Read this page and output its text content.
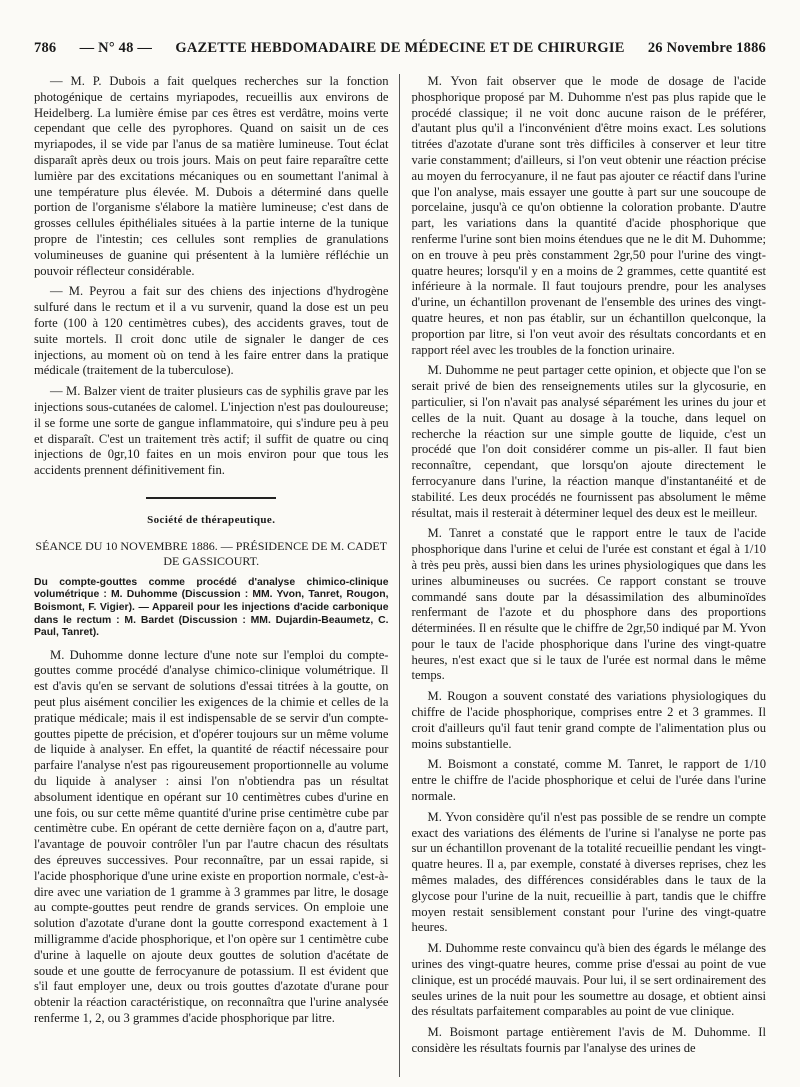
786 — N° 48 — GAZETTE HEBDOMADAIRE DE MÉDECINE ET DE CHIRURGIE 26 Novembre 1886

— M. P. Dubois a fait quelques recherches sur la fonction photogénique de certains myriapodes, recueillis aux environs de Heidelberg. La lumière émise par ces êtres est verdâtre, moins verte cependant que celle des pyrophores. Quand on saisit un de ces myriapodes, il se vide par l'anus de sa matière lumineuse. Tout éclat disparaît après deux ou trois jours. Mais on peut faire reparaître cette lumière par des excitations mécaniques ou en soumettant l'animal à une température plus élevée. M. Dubois a déterminé dans quelle portion de l'organisme s'élabore la matière lumineuse; c'est dans de grosses cellules épithéliales situées à la partie interne de la tunique propre de l'intestin; ces cellules sont remplies de granulations volumineuses de guanine qui présentent à la lumière réfléchie un pouvoir réflecteur considérable.

— M. Peyrou a fait sur des chiens des injections d'hydrogène sulfuré dans le rectum et il a vu survenir, quand la dose est un peu forte (100 à 120 centimètres cubes), des accidents graves, tout de suite mortels. Il croit donc utile de signaler le danger de ces injections, au moment où on tend à les faire entrer dans la pratique médicale (traitement de la tuberculose).

— M. Balzer vient de traiter plusieurs cas de syphilis grave par les injections sous-cutanées de calomel. L'injection n'est pas douloureuse; il se forme une sorte de gangue inflammatoire, qui s'indure peu à peu et disparaît. C'est un traitement très actif; il suffit de quatre ou cinq injections de 0gr,10 faites en un mois environ pour que tous les accidents prennent définitivement fin.

Société de thérapeutique.
SÉANCE DU 10 NOVEMBRE 1886. — PRÉSIDENCE DE M. CADET DE GASSICOURT.

Du compte-gouttes comme procédé d'analyse chimico-clinique volumétrique : M. Duhomme (Discussion : MM. Yvon, Tanret, Rougon, Boismont, F. Vigier). — Appareil pour les injections d'acide carbonique dans le rectum : M. Bardet (Discussion : MM. Dujardin-Beaumetz, C. Paul, Tanret).

M. Duhomme donne lecture d'une note sur l'emploi du compte-gouttes comme procédé d'analyse chimico-clinique volumétrique. Il est d'avis qu'en se servant de solutions d'essai titrées à la goutte, on peut plus aisément concilier les exigences de la chimie et celles de la pratique médicale; mais il est indispensable de se servir d'un compte-gouttes pipette de précision, et d'opérer toujours sur un même volume de liquide à analyser. En effet, la quantité de réactif nécessaire pour parfaire l'analyse n'est pas rigoureusement proportionnelle au volume du liquide à analyser : ainsi l'on n'obtiendra pas un résultat absolument identique en opérant sur 10 centimètres cubes d'urine en une fois, ou sur cette même quantité d'urine prise centimètre cube par centimètre cube. En opérant de cette dernière façon on a, d'autre part, l'avantage de pouvoir contrôler l'un par l'autre chacun des résultats des épreuves successives. Pour reconnaître, par un essai rapide, si l'acide phosphorique d'une urine existe en proportion normale, c'est-à-dire avec une variation de 1 gramme à 3 grammes par litre, le dosage au compte-gouttes peut rendre de grands services. On emploie une solution d'azotate d'urane dont la goutte correspond exactement à 1 milligramme d'acide phosphorique, et l'on opère sur 1 centimètre cube d'urine à laquelle on ajoute deux gouttes de solution d'acétate de soude et une goutte de ferrocyanure de potassium. Il est évident que s'il faut employer une, deux ou trois gouttes d'azotate d'urane pour obtenir la réaction caractéristique, on reconnaîtra que l'urine analysée renferme 1, 2, ou 3 grammes d'acide phosphorique par litre.

M. Yvon fait observer que le mode de dosage de l'acide phosphorique proposé par M. Duhomme n'est pas plus rapide que le procédé classique; il ne voit donc aucune raison de le préférer, d'autant plus qu'il a l'inconvénient d'être moins exact. Les solutions titrées d'azotate d'urane sont très difficiles à conserver et leur titre varie constamment; d'ailleurs, si l'on veut obtenir une réaction précise au moyen du ferrocyanure, il ne faut pas ajouter ce réactif dans l'urine que l'on analyse, mais essayer une goutte à part sur une soucoupe de porcelaine, jusqu'à ce qu'on obtienne la coloration probante. D'autre part, les variations dans la quantité d'acide phosphorique que renferme l'urine sont bien moins étendues que ne le dit M. Duhomme; on en trouve à peu près constamment 2gr,50 pour l'urine des vingt-quatre heures; lorsqu'il y en a moins de 2 grammes, cette quantité est inférieure à la normale. Il faut toujours prendre, pour les analyses d'urine, un échantillon provenant de l'ensemble des urines des vingt-quatre heures, et non pas établir, sur un échantillon quelconque, la proportion par litre, si l'on veut avoir des résultats concordants et en rapport réel avec les troubles de la fonction urinaire.

M. Duhomme ne peut partager cette opinion, et objecte que l'on se serait privé de bien des renseignements utiles sur la glycosurie, en particulier, si l'on n'avait pas analysé séparément les urines du jour et celles de la nuit. Quant au dosage à la touche, dans lequel on recherche la réaction sur une simple goutte de liquide, c'est un procédé que l'on doit considérer comme un pis-aller. Il faut bien reconnaître, cependant, que lorsqu'on ajoute directement le ferrocyanure dans l'urine, la réaction manque d'instantanéité et de stabilité. Les deux procédés ne fournissent pas absolument le même résultat, mais il resterait à déterminer lequel des deux est le meilleur.

M. Tanret a constaté que le rapport entre le taux de l'acide phosphorique dans l'urine et celui de l'urée est constant et égal à 1/10 à très peu près, aussi bien dans les urines physiologiques que dans les urines albumineuses ou sucrées. Ce rapport constant se trouve commandé sans doute par la désassimilation des albuminoïdes renfermant de l'azote et du phosphore dans des proportions déterminées. Il en résulte que le chiffre de 2gr,50 indiqué par M. Yvon pour le taux de l'acide phosphorique dans l'urine des vingt-quatre heures, n'est exact que si le taux de l'urée est normal dans le même temps.

M. Rougon a souvent constaté des variations physiologiques du chiffre de l'acide phosphorique, comprises entre 2 et 3 grammes. Il croit d'ailleurs qu'il faut tenir grand compte de l'alimentation plus ou moins substantielle.

M. Boismont a constaté, comme M. Tanret, le rapport de 1/10 entre le chiffre de l'acide phosphorique et celui de l'urée dans l'urine normale.

M. Yvon considère qu'il n'est pas possible de se rendre un compte exact des variations des éléments de l'urine si l'analyse ne porte pas sur un échantillon provenant de la totalité recueillie pendant les vingt-quatre heures. Il a, par exemple, constaté à diverses reprises, chez les mêmes malades, des différences considérables dans le taux de la glycose pour l'urine de la nuit, recueillie à part, tandis que le chiffre moyen restait sensiblement constant pour l'urine des vingt-quatre heures.

M. Duhomme reste convaincu qu'à bien des égards le mélange des urines des vingt-quatre heures, comme prise d'essai au point de vue clinique, est un procédé mauvais. Pour lui, il se sert ordinairement des seules urines de la nuit pour les soumettre au dosage, et obtient ainsi des résultats parfaitement comparables au point de vue clinique.

M. Boismont partage entièrement l'avis de M. Duhomme. Il considère les résultats fournis par l'analyse des urines de
